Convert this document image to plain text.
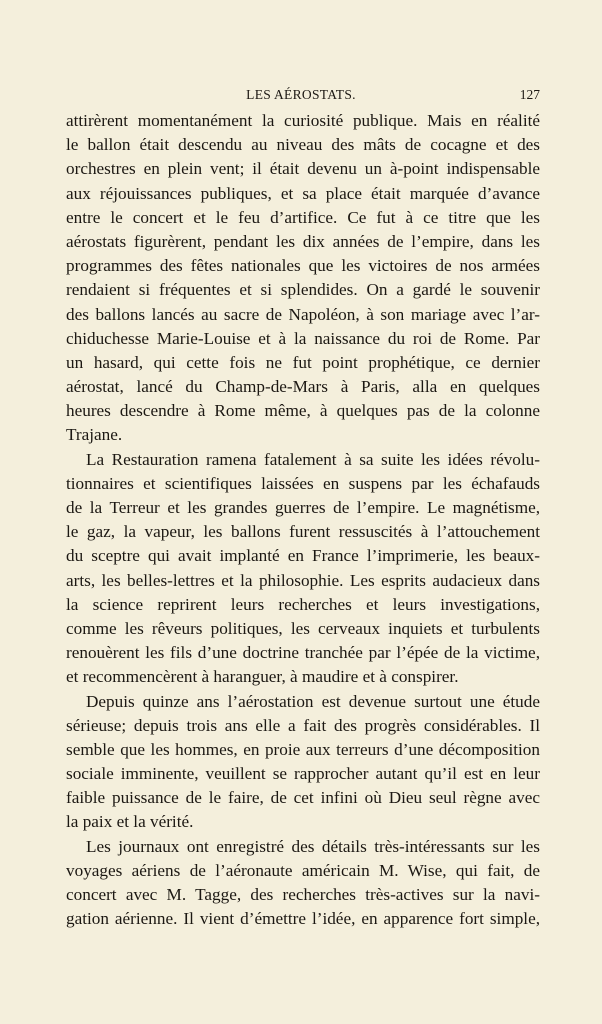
LES AÉROSTATS.	127
attirèrent momentanément la curiosité publique. Mais en réalité
le ballon était descendu au niveau des mâts de cocagne et des
orchestres en plein vent; il était devenu un à-point indispensable
aux réjouissances publiques, et sa place était marquée d’avance
entre le concert et le feu d’artifice. Ce fut à ce titre que les
aérostats figurèrent, pendant les dix années de l’empire, dans les
programmes des fêtes nationales que les victoires de nos armées
rendaient si fréquentes et si splendides. On a gardé le souvenir
des ballons lancés au sacre de Napoléon, à son mariage avec l’ar-
chiduchesse Marie-Louise et à la naissance du roi de Rome. Par
un hasard, qui cette fois ne fut point prophétique, ce dernier
aérostat, lancé du Champ-de-Mars à Paris, alla en quelques
heures descendre à Rome même, à quelques pas de la colonne
Trajane.
La Restauration ramena fatalement à sa suite les idées révolu-
tionnaires et scientifiques laissées en suspens par les échafauds
de la Terreur et les grandes guerres de l’empire. Le magnétisme,
le gaz, la vapeur, les ballons furent ressuscités à l’attouchement
du sceptre qui avait implanté en France l’imprimerie, les beaux-
arts, les belles-lettres et la philosophie. Les esprits audacieux dans
la science reprirent leurs recherches et leurs investigations,
comme les rêveurs politiques, les cerveaux inquiets et turbulents
renouèrent les fils d’une doctrine tranchée par l’épée de la victime,
et recommencèrent à haranguer, à maudire et à conspirer.
Depuis quinze ans l’aérostation est devenue surtout une étude
sérieuse; depuis trois ans elle a fait des progrès considérables. Il
semble que les hommes, en proie aux terreurs d’une décomposition
sociale imminente, veuillent se rapprocher autant qu’il est en leur
faible puissance de le faire, de cet infini où Dieu seul règne avec
la paix et la vérité.
Les journaux ont enregistré des détails très-intéressants sur les
voyages aériens de l’aéronaute américain M. Wise, qui fait, de
concert avec M. Tagge, des recherches très-actives sur la navi-
gation aérienne. Il vient d’émettre l’idée, en apparence fort simple,
